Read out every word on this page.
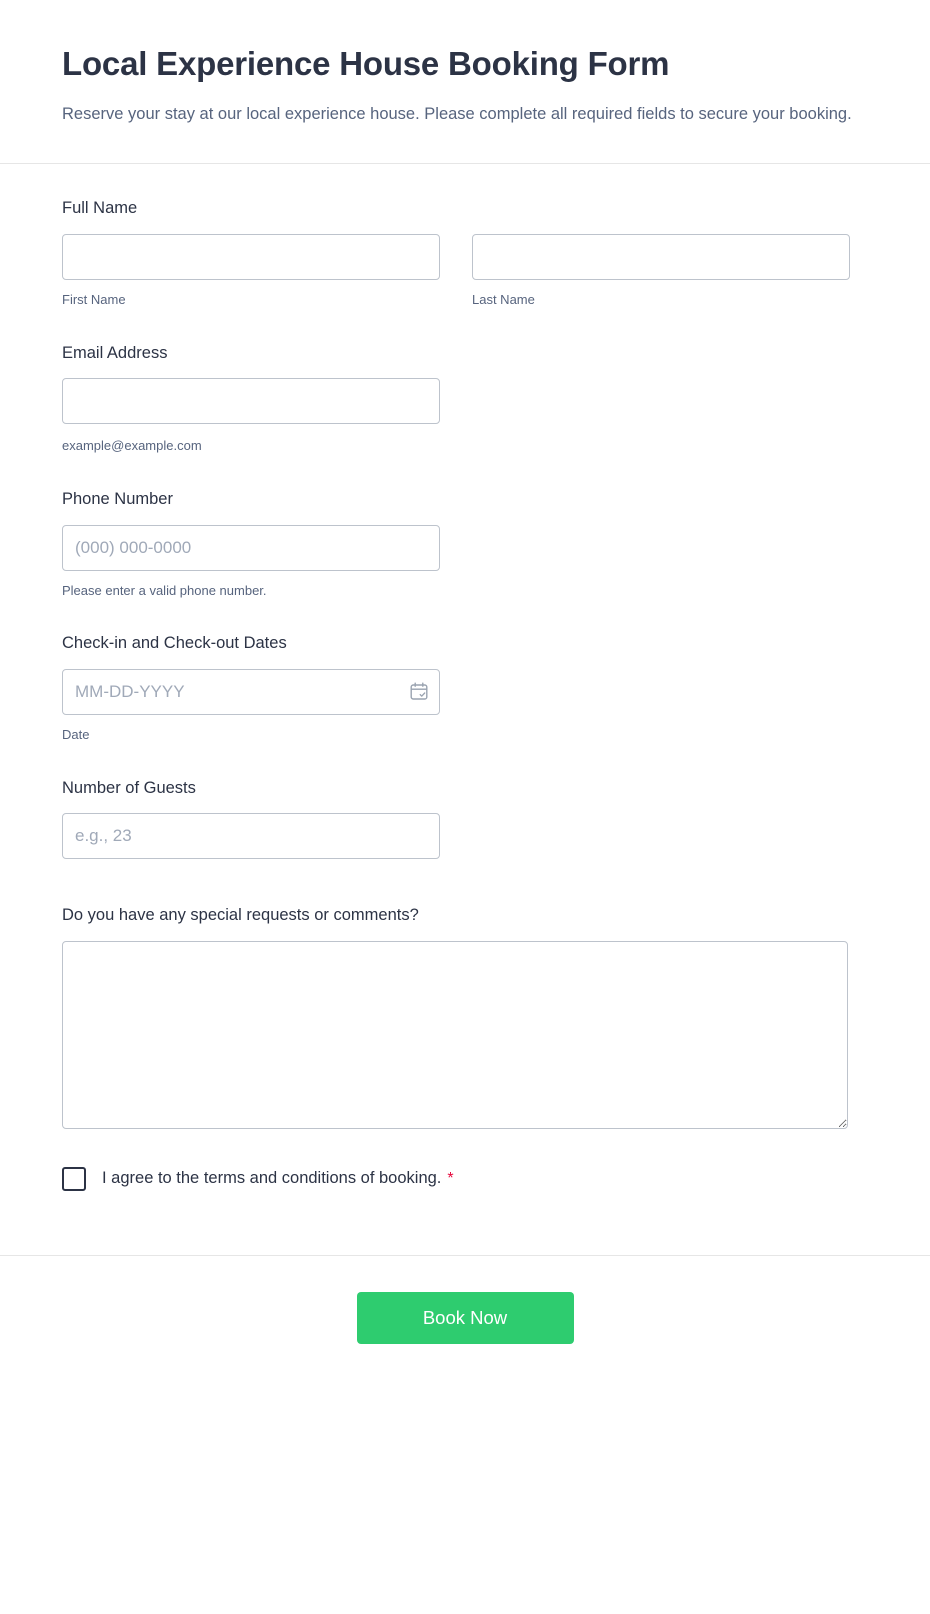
Local Experience House Booking Form

Reserve your stay at our local experience house. Please complete all required fields to secure your booking.

Full Name
First Name	Last Name
Email Address
example@example.com
Phone Number
(000) 000-0000
Please enter a valid phone number.
Check-in and Check-out Dates
MM-DD-YYYY
Date
Number of Guests
e.g., 23
Do you have any special requests or comments?
I agree to the terms and conditions of booking. *
Book Now
